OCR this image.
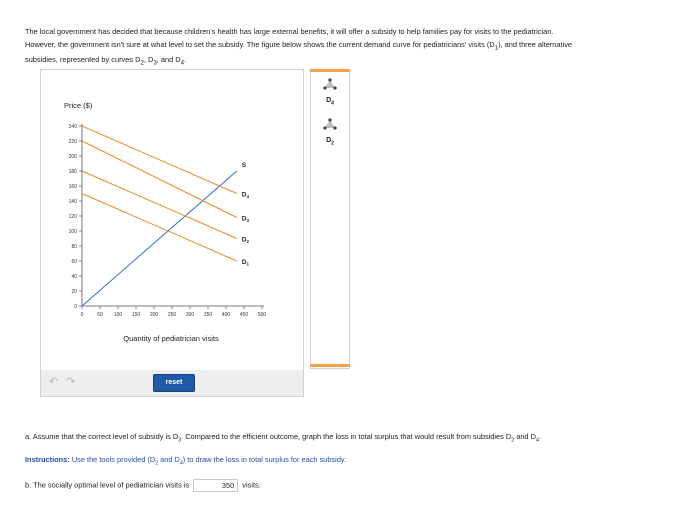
The local government has decided that because children's health has large external benefits, it will offer a subsidy to help families pay for visits to the pediatrician.
However, the government isn't sure at what level to set the subsidy. The figure below shows the current demand curve for pediatricians' visits $(D_1)$, and three alternative
subsidies, represented by curves $D_2$, $D_3$, and $D_4$.
Price ($)
0
20
40
60
80
100
120
140
160
180
200
220
240
0	50 100 150 200 250 300 350 400 450 500
S
$D_4$
$D_3$
$D_2$
$D_1$
Quantity of pediatrician visits
↶ ↷	reset
$D_4$
$D_2$
a. Assume that the correct level of subsidy is $D_3$. Compared to the efficient outcome, graph the loss in total surplus that would result from subsidies $D_2$ and $D_4$.
Instructions: Use the tools provided ($D_2$ and $D_4$) to draw the loss in total surplus for each subsidy.
b. The socially optimal level of pediatrician visits is	350 visits.
